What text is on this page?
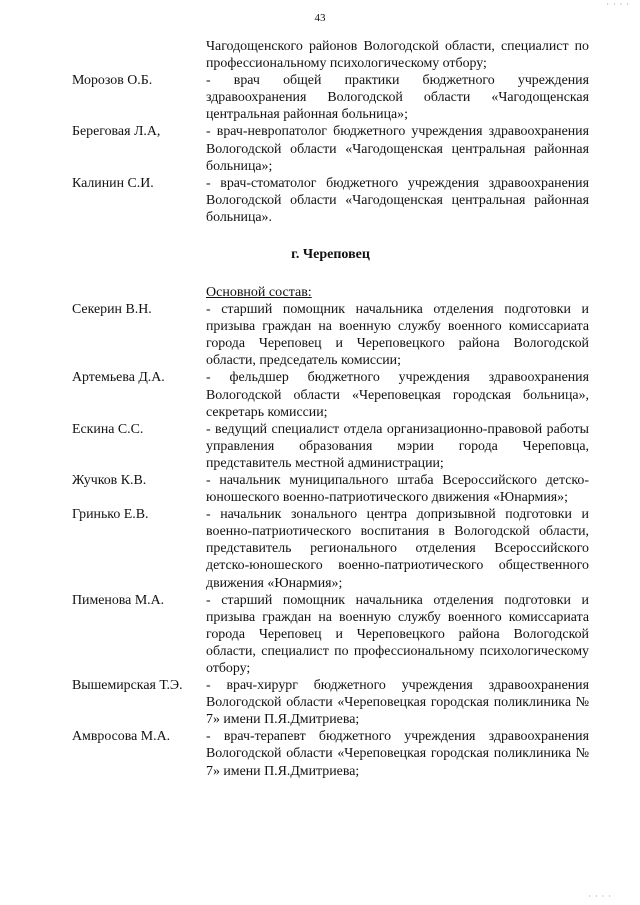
· · · ·
43
Чагодощенского районов Вологодской области, специалист по профессиональному психологическому отбору;
Морозов О.Б.	- врач общей практики бюджетного учреждения здравоохранения Вологодской области «Чагодощенская центральная районная больница»;
Береговая Л.А,	- врач-невропатолог бюджетного учреждения здравоохранения Вологодской области «Чагодощенская центральная районная больница»;
Калинин С.И.	- врач-стоматолог бюджетного учреждения здравоохранения Вологодской области «Чагодощенская центральная районная больница».
г. Череповец
Основной состав:
Секерин В.Н.	- старший помощник начальника отделения подготовки и призыва граждан на военную службу военного комиссариата города Череповец и Череповецкого района Вологодской области, председатель комиссии;
Артемьева Д.А.	- фельдшер бюджетного учреждения здравоохранения Вологодской области «Череповецкая городская больница», секретарь комиссии;
Ескина С.С.	- ведущий специалист отдела организационно-правовой работы управления образования мэрии города Череповца, представитель местной администрации;
Жучков К.В.	- начальник муниципального штаба Всероссийского детско-юношеского военно-патриотического движения «Юнармия»;
Гринько Е.В.	- начальник зонального центра допризывной подготовки и военно-патриотического воспитания в Вологодской области, представитель регионального отделения Всероссийского детско-юношеского военно-патриотического общественного движения «Юнармия»;
Пименова М.А.	- старший помощник начальника отделения подготовки и призыва граждан на военную службу военного комиссариата города Череповец и Череповецкого района Вологодской области, специалист по профессиональному психологическому отбору;
Вышемирская Т.Э.	- врач-хирург бюджетного учреждения здравоохранения Вологодской области «Череповецкая городская поликлиника № 7» имени П.Я.Дмитриева;
Амвросова М.А.	- врач-терапевт бюджетного учреждения здравоохранения Вологодской области «Череповецкая городская поликлиника № 7» имени П.Я.Дмитриева;
· · · ·
